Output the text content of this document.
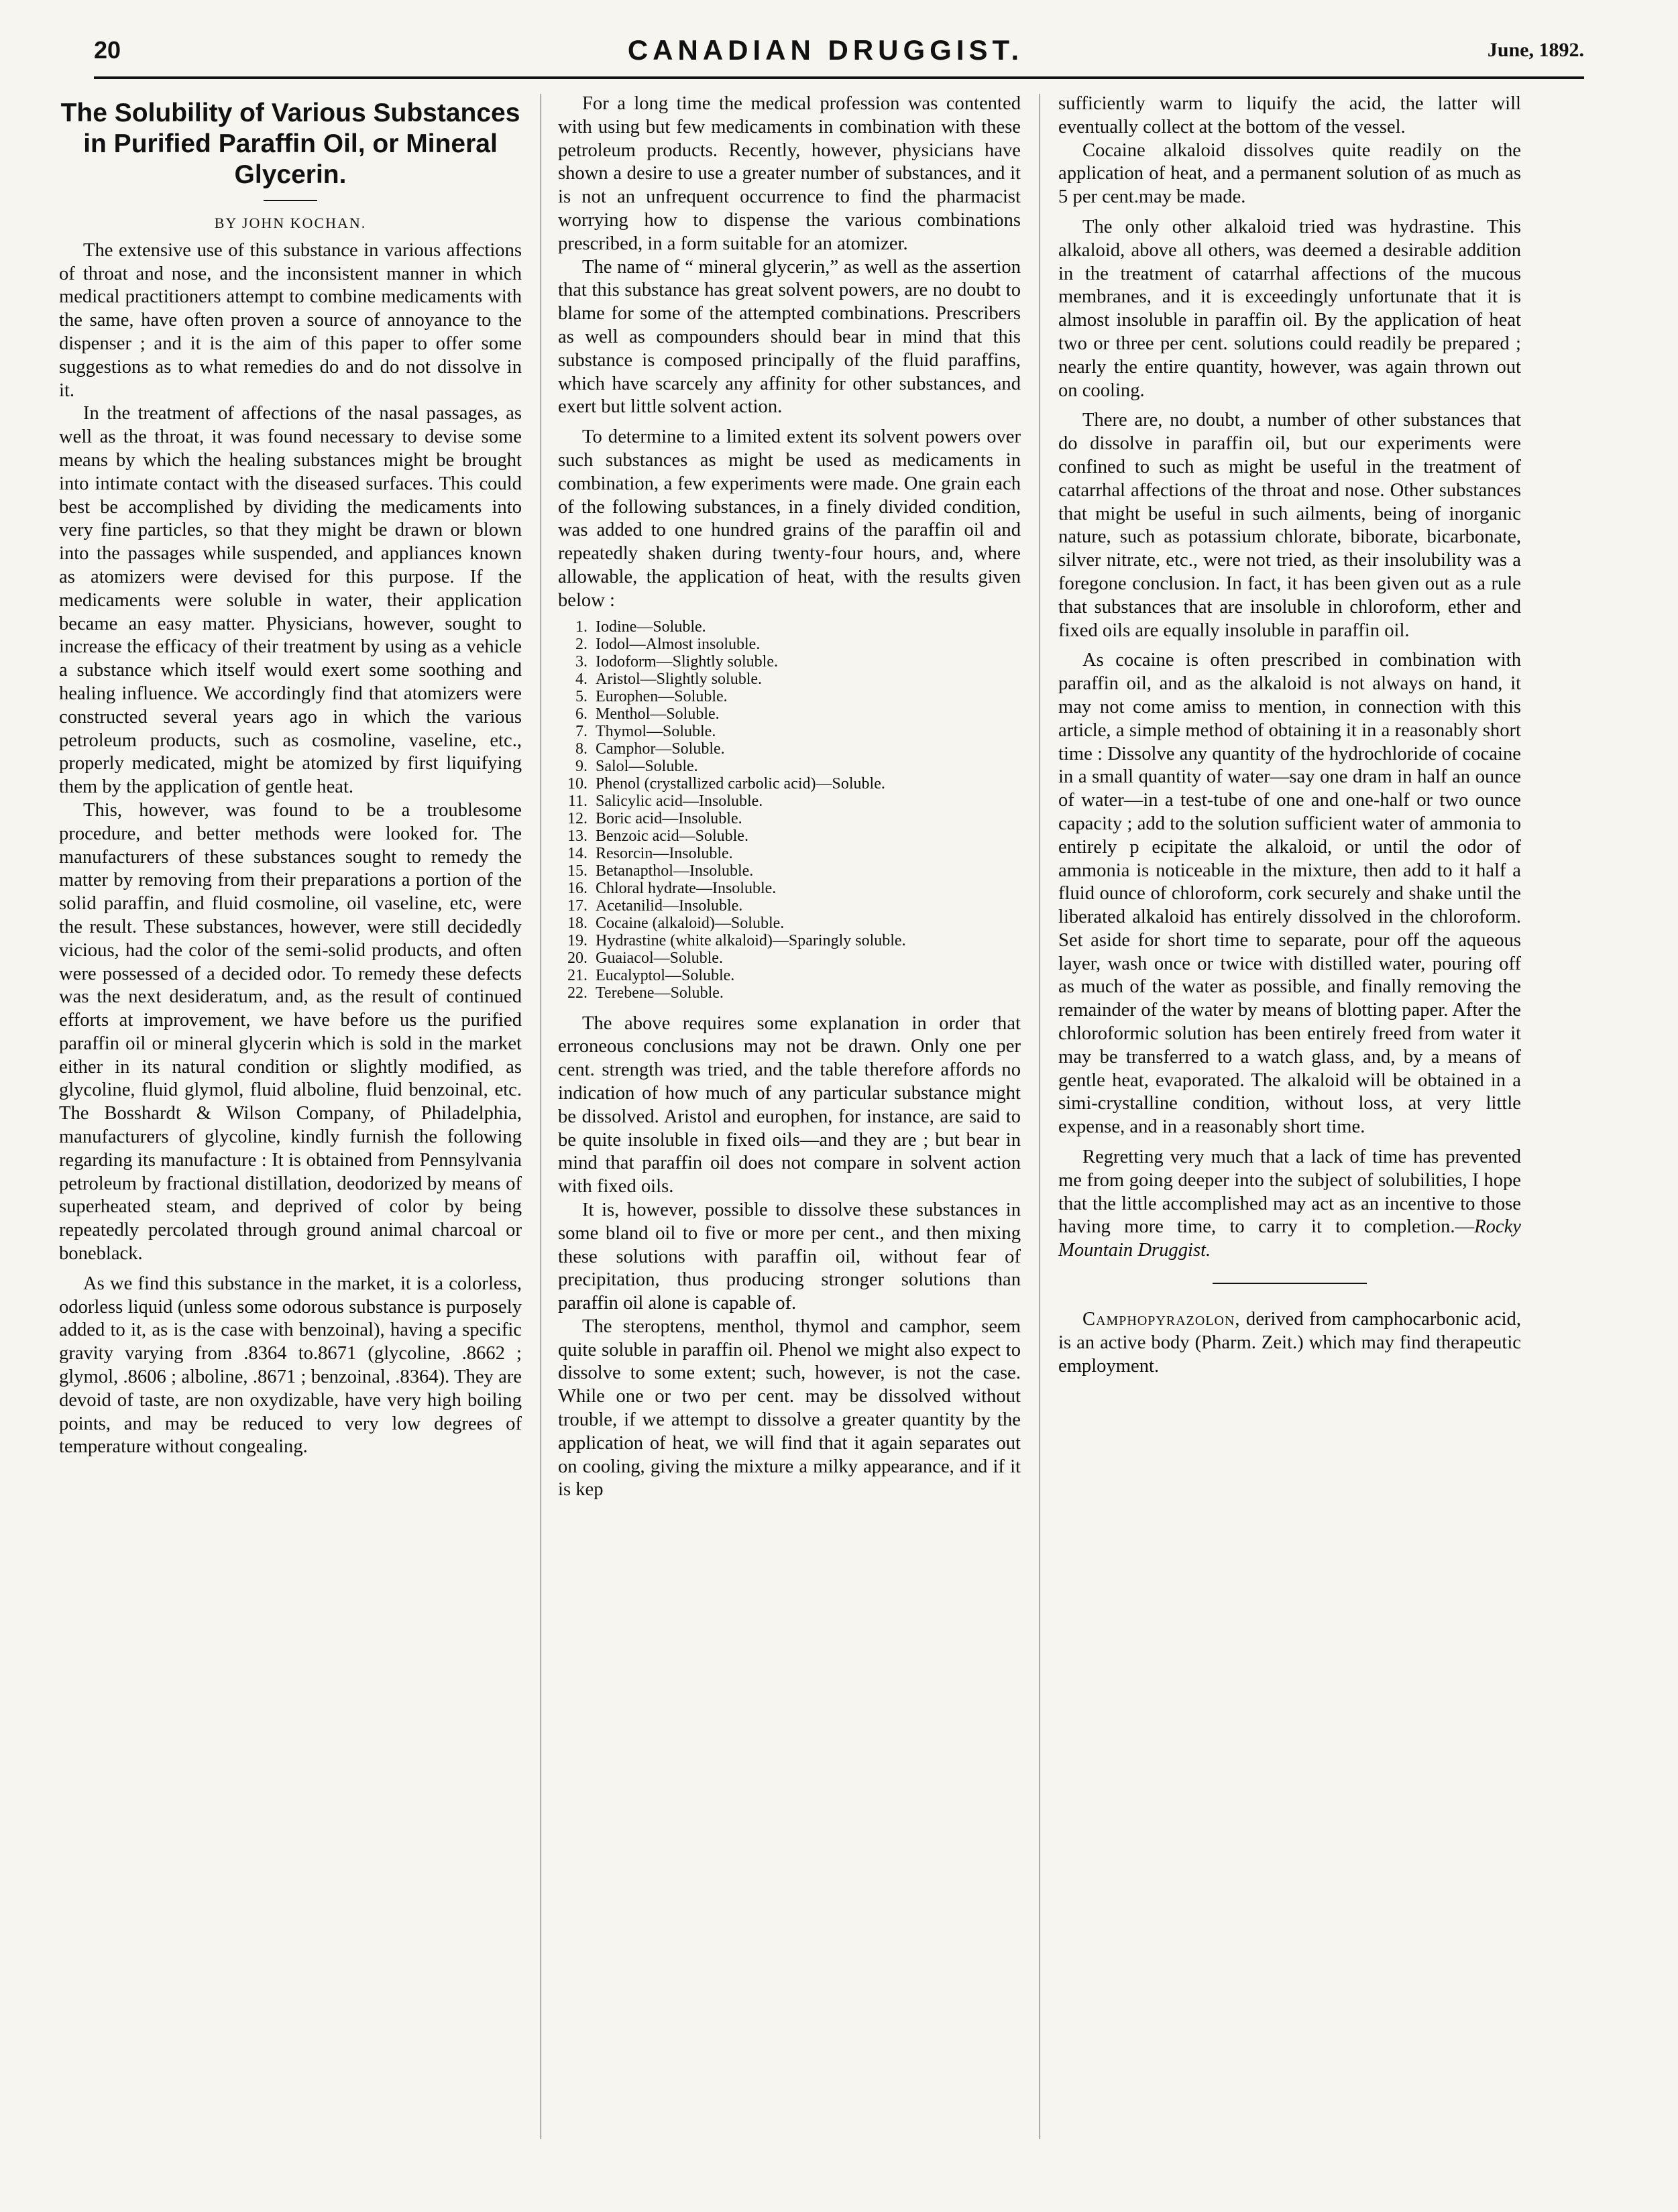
20	CANADIAN DRUGGIST.	June, 1892.
The Solubility of Various Substances in Purified Paraffin Oil, or Mineral Glycerin.
BY JOHN KOCHAN.

The extensive use of this substance in various affections of throat and nose, and the inconsistent manner in which medical practitioners attempt to combine medicaments with the same, have often proven a source of annoyance to the dispenser ; and it is the aim of this paper to offer some suggestions as to what remedies do and do not dissolve in it.

In the treatment of affections of the nasal passages, as well as the throat, it was found necessary to devise some means by which the healing substances might be brought into intimate contact with the diseased surfaces. This could best be accomplished by dividing the medicaments into very fine particles, so that they might be drawn or blown into the passages while suspended, and appliances known as atomizers were devised for this purpose. If the medicaments were soluble in water, their application became an easy matter. Physicians, however, sought to increase the efficacy of their treatment by using as a vehicle a substance which itself would exert some soothing and healing influence. We accordingly find that atomizers were constructed several years ago in which the various petroleum products, such as cosmoline, vaseline, etc., properly medicated, might be atomized by first liquifying them by the application of gentle heat.

This, however, was found to be a troublesome procedure, and better methods were looked for. The manufacturers of these substances sought to remedy the matter by removing from their preparations a portion of the solid paraffin, and fluid cosmoline, oil vaseline, etc, were the result. These substances, however, were still decidedly vicious, had the color of the semi-solid products, and often were possessed of a decided odor. To remedy these defects was the next desideratum, and, as the result of continued efforts at improvement, we have before us the purified paraffin oil or mineral glycerin which is sold in the market either in its natural condition or slightly modified, as glycoline, fluid glymol, fluid alboline, fluid benzoinal, etc. The Bosshardt & Wilson Company, of Philadelphia, manufacturers of glycoline, kindly furnish the following regarding its manufacture : It is obtained from Pennsylvania petroleum by fractional distillation, deodorized by means of superheated steam, and deprived of color by being repeatedly percolated through ground animal charcoal or boneblack.

As we find this substance in the market, it is a colorless, odorless liquid (unless some odorous substance is purposely added to it, as is the case with benzoinal), having a specific gravity varying from .8364 to.8671 (glycoline, .8662 ; glymol, .8606 ; alboline, .8671 ; benzoinal, .8364). They are devoid of taste, are non oxydizable, have very high boiling points, and may be reduced to very low degrees of temperature without congealing.

For a long time the medical profession was contented with using but few medicaments in combination with these petroleum products. Recently, however, physicians have shown a desire to use a greater number of substances, and it is not an unfrequent occurrence to find the pharmacist worrying how to dispense the various combinations prescribed, in a form suitable for an atomizer.

The name of “ mineral glycerin,” as well as the assertion that this substance has great solvent powers, are no doubt to blame for some of the attempted combinations. Prescribers as well as compounders should bear in mind that this substance is composed principally of the fluid paraffins, which have scarcely any affinity for other substances, and exert but little solvent action.

To determine to a limited extent its solvent powers over such substances as might be used as medicaments in combination, a few experiments were made. One grain each of the following substances, in a finely divided condition, was added to one hundred grains of the paraffin oil and repeatedly shaken during twenty-four hours, and, where allowable, the application of heat, with the results given below :

1. Iodine—Soluble.
2. Iodol—Almost insoluble.
3. Iodoform—Slightly soluble.
4. Aristol—Slightly soluble.
5. Europhen—Soluble.
6. Menthol—Soluble.
7. Thymol—Soluble.
8. Camphor—Soluble.
9. Salol—Soluble.
10. Phenol (crystallized carbolic acid)—Soluble.
11. Salicylic acid—Insoluble.
12. Boric acid—Insoluble.
13. Benzoic acid—Soluble.
14. Resorcin—Insoluble.
15. Betanapthol—Insoluble.
16. Chloral hydrate—Insoluble.
17. Acetanilid—Insoluble.
18. Cocaine (alkaloid)—Soluble.
19. Hydrastine (white alkaloid)—Sparingly soluble.
20. Guaiacol—Soluble.
21. Eucalyptol—Soluble.
22. Terebene—Soluble.

The above requires some explanation in order that erroneous conclusions may not be drawn. Only one per cent. strength was tried, and the table therefore affords no indication of how much of any particular substance might be dissolved. Aristol and europhen, for instance, are said to be quite insoluble in fixed oils—and they are ; but bear in mind that paraffin oil does not compare in solvent action with fixed oils.

It is, however, possible to dissolve these substances in some bland oil to five or more per cent., and then mixing these solutions with paraffin oil, without fear of precipitation, thus producing stronger solutions than paraffin oil alone is capable of.

The steroptens, menthol, thymol and camphor, seem quite soluble in paraffin oil. Phenol we might also expect to dissolve to some extent; such, however, is not the case. While one or two per cent. may be dissolved without trouble, if we attempt to dissolve a greater quantity by the application of heat, we will find that it again separates out on cooling, giving the mixture a milky appearance, and if it is kep

sufficiently warm to liquify the acid, the latter will eventually collect at the bottom of the vessel.

Cocaine alkaloid dissolves quite readily on the application of heat, and a permanent solution of as much as 5 per cent.may be made.

The only other alkaloid tried was hydrastine. This alkaloid, above all others, was deemed a desirable addition in the treatment of catarrhal affections of the mucous membranes, and it is exceedingly unfortunate that it is almost insoluble in paraffin oil. By the application of heat two or three per cent. solutions could readily be prepared ; nearly the entire quantity, however, was again thrown out on cooling.

There are, no doubt, a number of other substances that do dissolve in paraffin oil, but our experiments were confined to such as might be useful in the treatment of catarrhal affections of the throat and nose. Other substances that might be useful in such ailments, being of inorganic nature, such as potassium chlorate, biborate, bicarbonate, silver nitrate, etc., were not tried, as their insolubility was a foregone conclusion. In fact, it has been given out as a rule that substances that are insoluble in chloroform, ether and fixed oils are equally insoluble in paraffin oil.

As cocaine is often prescribed in combination with paraffin oil, and as the alkaloid is not always on hand, it may not come amiss to mention, in connection with this article, a simple method of obtaining it in a reasonably short time : Dissolve any quantity of the hydrochloride of cocaine in a small quantity of water—say one dram in half an ounce of water—in a test-tube of one and one-half or two ounce capacity ; add to the solution sufficient water of ammonia to entirely p ecipitate the alkaloid, or until the odor of ammonia is noticeable in the mixture, then add to it half a fluid ounce of chloroform, cork securely and shake until the liberated alkaloid has entirely dissolved in the chloroform. Set aside for short time to separate, pour off the aqueous layer, wash once or twice with distilled water, pouring off as much of the water as possible, and finally removing the remainder of the water by means of blotting paper. After the chloroformic solution has been entirely freed from water it may be transferred to a watch glass, and, by a means of gentle heat, evaporated. The alkaloid will be obtained in a simi-crystalline condition, without loss, at very little expense, and in a reasonably short time.

Regretting very much that a lack of time has prevented me from going deeper into the subject of solubilities, I hope that the little accomplished may act as an incentive to those having more time, to carry it to completion.—Rocky Mountain Druggist.

Camphopyrazolon, derived from camphocarbonic acid, is an active body (Pharm. Zeit.) which may find therapeutic employment.
